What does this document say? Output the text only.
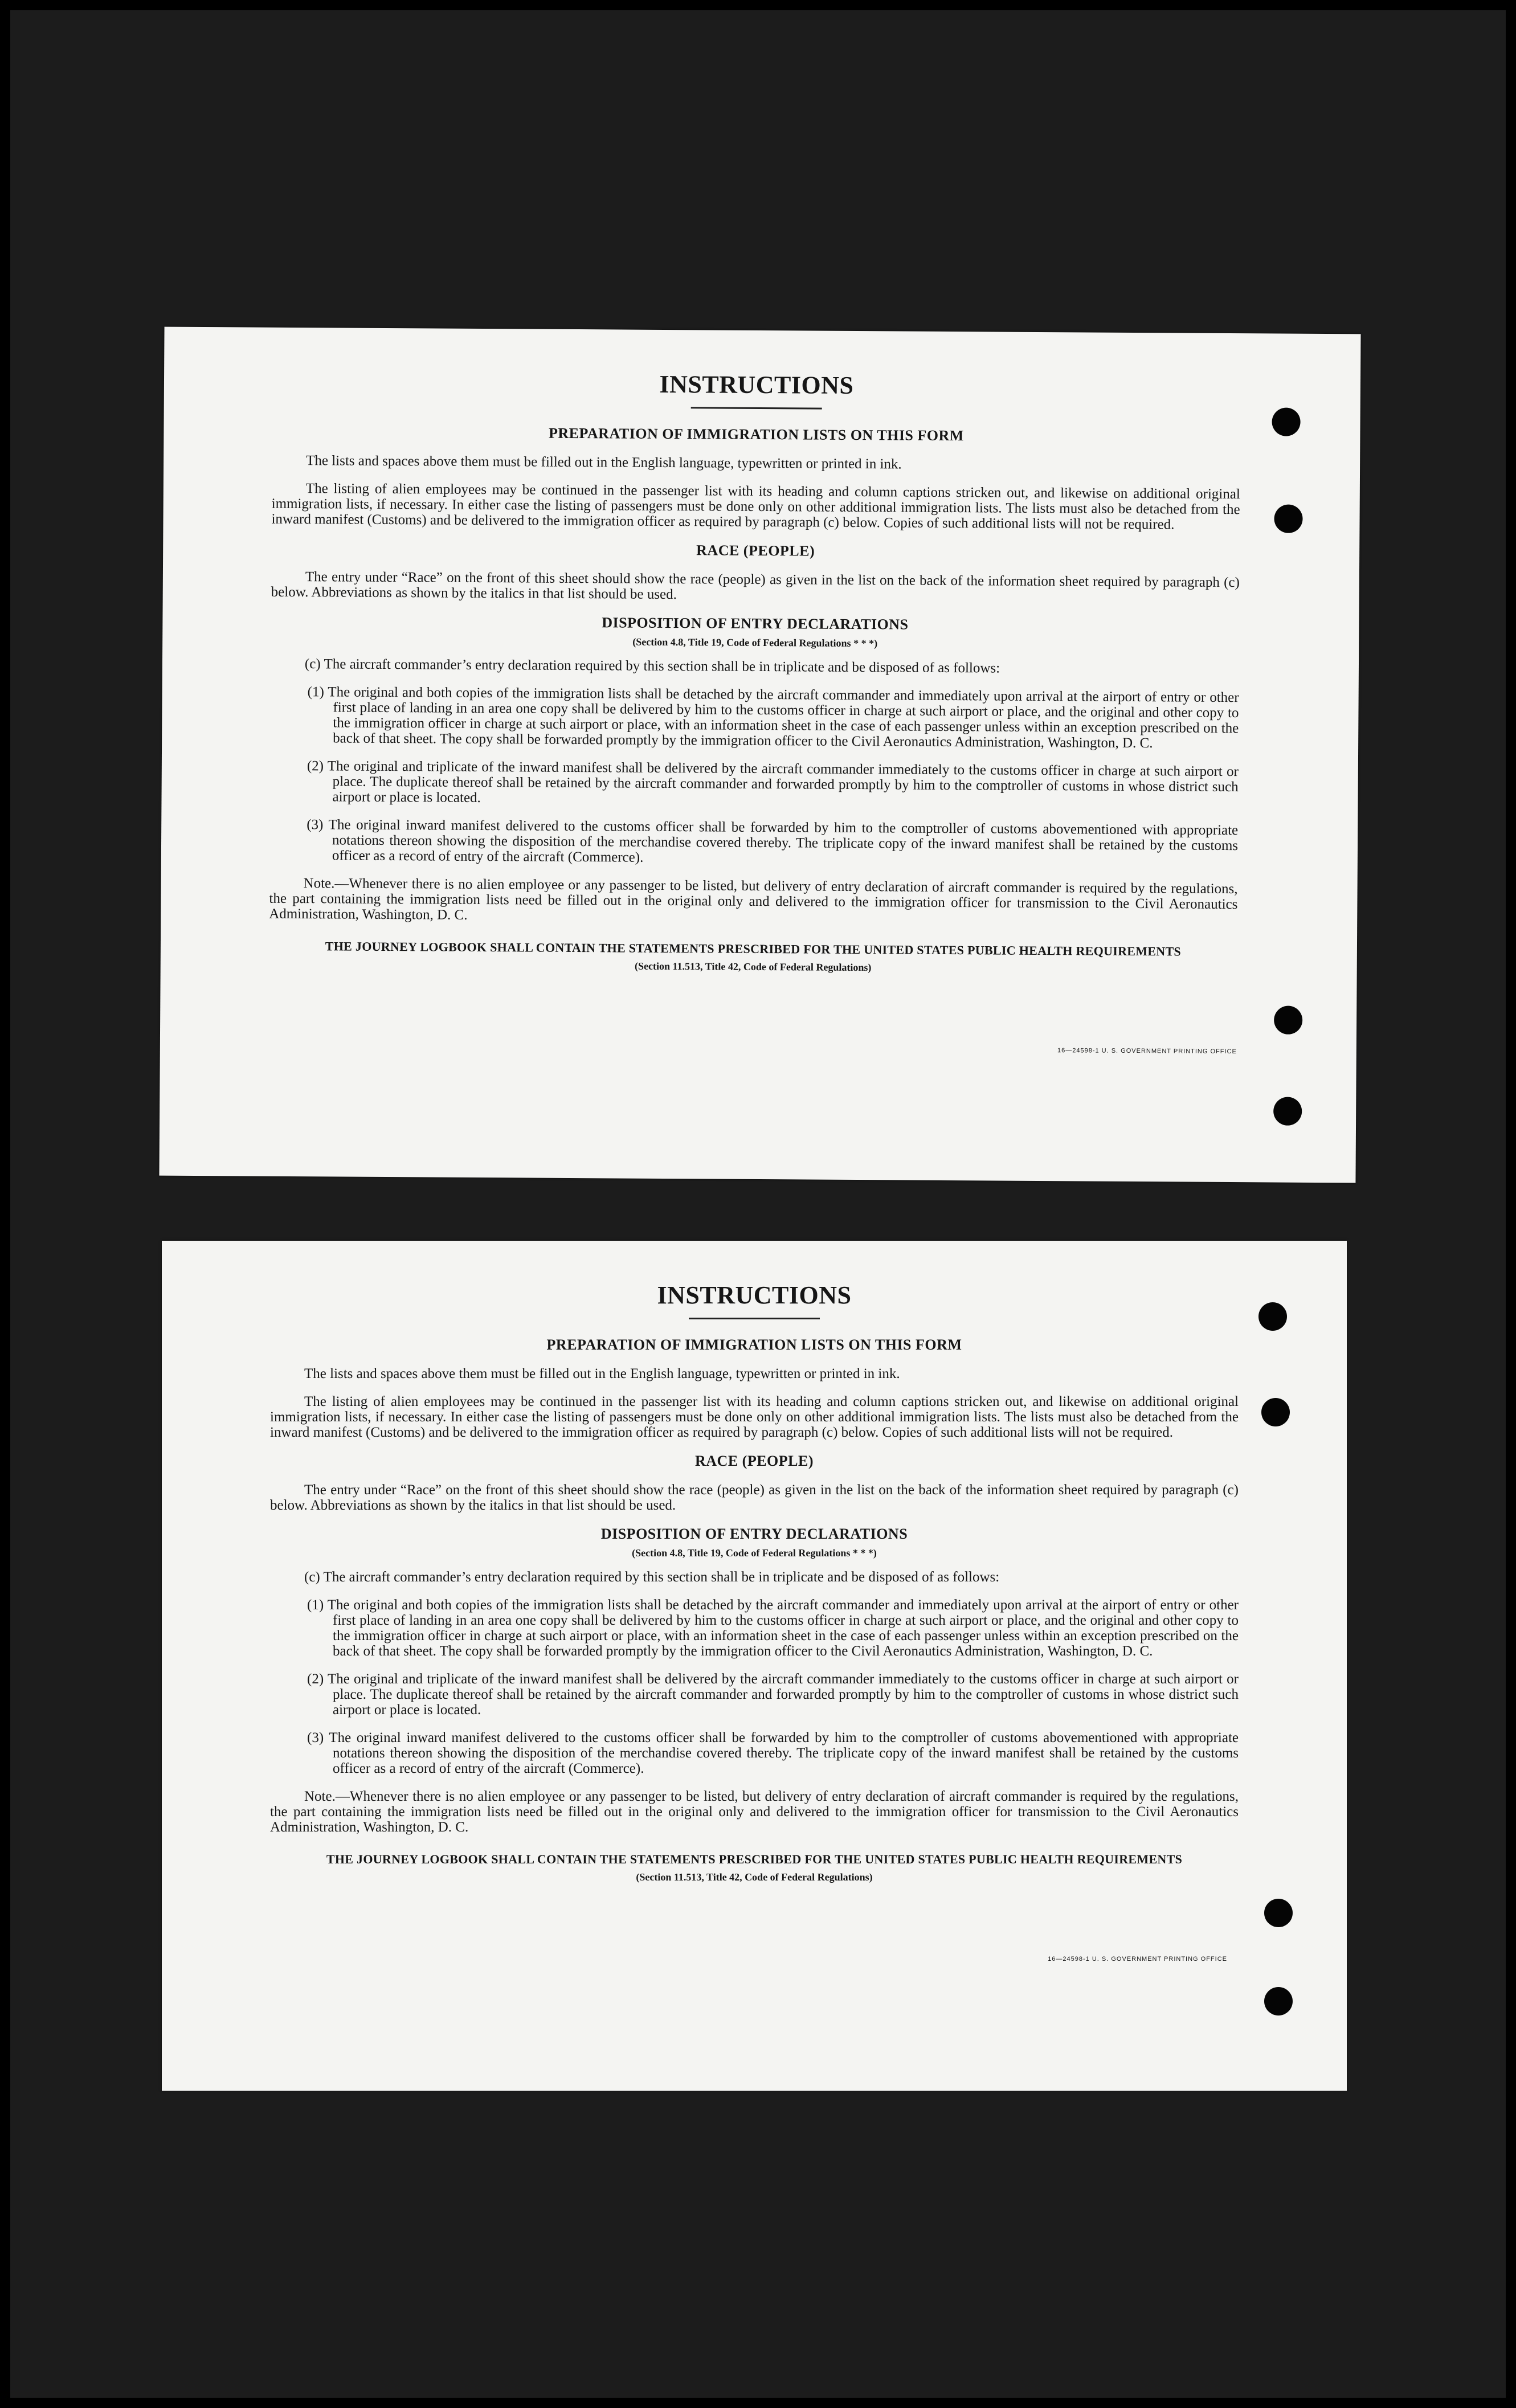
INSTRUCTIONS
PREPARATION OF IMMIGRATION LISTS ON THIS FORM

The lists and spaces above them must be filled out in the English language, typewritten or printed in ink.

The listing of alien employees may be continued in the passenger list with its heading and column captions stricken out, and likewise on additional original immigration lists, if necessary. In either case the listing of passengers must be done only on other additional immigration lists. The lists must also be detached from the inward manifest (Customs) and be delivered to the immigration officer as required by paragraph (c) below. Copies of such additional lists will not be required.

RACE (PEOPLE)

The entry under “Race” on the front of this sheet should show the race (people) as given in the list on the back of the information sheet required by paragraph (c) below. Abbreviations as shown by the italics in that list should be used.

DISPOSITION OF ENTRY DECLARATIONS
(Section 4.8, Title 19, Code of Federal Regulations * * *)

(c) The aircraft commander’s entry declaration required by this section shall be in triplicate and be disposed of as follows:

(1) The original and both copies of the immigration lists shall be detached by the aircraft commander and immediately upon arrival at the airport of entry or other first place of landing in an area one copy shall be delivered by him to the customs officer in charge at such airport or place, and the original and other copy to the immigration officer in charge at such airport or place, with an information sheet in the case of each passenger unless within an exception prescribed on the back of that sheet. The copy shall be forwarded promptly by the immigration officer to the Civil Aeronautics Administration, Washington, D. C.

(2) The original and triplicate of the inward manifest shall be delivered by the aircraft commander immediately to the customs officer in charge at such airport or place. The duplicate thereof shall be retained by the aircraft commander and forwarded promptly by him to the comptroller of customs in whose district such airport or place is located.

(3) The original inward manifest delivered to the customs officer shall be forwarded by him to the comptroller of customs abovementioned with appropriate notations thereon showing the disposition of the merchandise covered thereby. The triplicate copy of the inward manifest shall be retained by the customs officer as a record of entry of the aircraft (Commerce).

Note.—Whenever there is no alien employee or any passenger to be listed, but delivery of entry declaration of aircraft commander is required by the regulations, the part containing the immigration lists need be filled out in the original only and delivered to the immigration officer for transmission to the Civil Aeronautics Administration, Washington, D. C.

THE JOURNEY LOGBOOK SHALL CONTAIN THE STATEMENTS PRESCRIBED FOR THE UNITED STATES PUBLIC HEALTH REQUIREMENTS
(Section 11.513, Title 42, Code of Federal Regulations)
16—24598-1 U. S. GOVERNMENT PRINTING OFFICE
INSTRUCTIONS
PREPARATION OF IMMIGRATION LISTS ON THIS FORM

The lists and spaces above them must be filled out in the English language, typewritten or printed in ink.

The listing of alien employees may be continued in the passenger list with its heading and column captions stricken out, and likewise on additional original immigration lists, if necessary. In either case the listing of passengers must be done only on other additional immigration lists. The lists must also be detached from the inward manifest (Customs) and be delivered to the immigration officer as required by paragraph (c) below. Copies of such additional lists will not be required.

RACE (PEOPLE)

The entry under “Race” on the front of this sheet should show the race (people) as given in the list on the back of the information sheet required by paragraph (c) below. Abbreviations as shown by the italics in that list should be used.

DISPOSITION OF ENTRY DECLARATIONS
(Section 4.8, Title 19, Code of Federal Regulations * * *)

(c) The aircraft commander’s entry declaration required by this section shall be in triplicate and be disposed of as follows:

(1) The original and both copies of the immigration lists shall be detached by the aircraft commander and immediately upon arrival at the airport of entry or other first place of landing in an area one copy shall be delivered by him to the customs officer in charge at such airport or place, and the original and other copy to the immigration officer in charge at such airport or place, with an information sheet in the case of each passenger unless within an exception prescribed on the back of that sheet. The copy shall be forwarded promptly by the immigration officer to the Civil Aeronautics Administration, Washington, D. C.

(2) The original and triplicate of the inward manifest shall be delivered by the aircraft commander immediately to the customs officer in charge at such airport or place. The duplicate thereof shall be retained by the aircraft commander and forwarded promptly by him to the comptroller of customs in whose district such airport or place is located.

(3) The original inward manifest delivered to the customs officer shall be forwarded by him to the comptroller of customs abovementioned with appropriate notations thereon showing the disposition of the merchandise covered thereby. The triplicate copy of the inward manifest shall be retained by the customs officer as a record of entry of the aircraft (Commerce).

Note.—Whenever there is no alien employee or any passenger to be listed, but delivery of entry declaration of aircraft commander is required by the regulations, the part containing the immigration lists need be filled out in the original only and delivered to the immigration officer for transmission to the Civil Aeronautics Administration, Washington, D. C.

THE JOURNEY LOGBOOK SHALL CONTAIN THE STATEMENTS PRESCRIBED FOR THE UNITED STATES PUBLIC HEALTH REQUIREMENTS
(Section 11.513, Title 42, Code of Federal Regulations)
16—24598-1 U. S. GOVERNMENT PRINTING OFFICE
